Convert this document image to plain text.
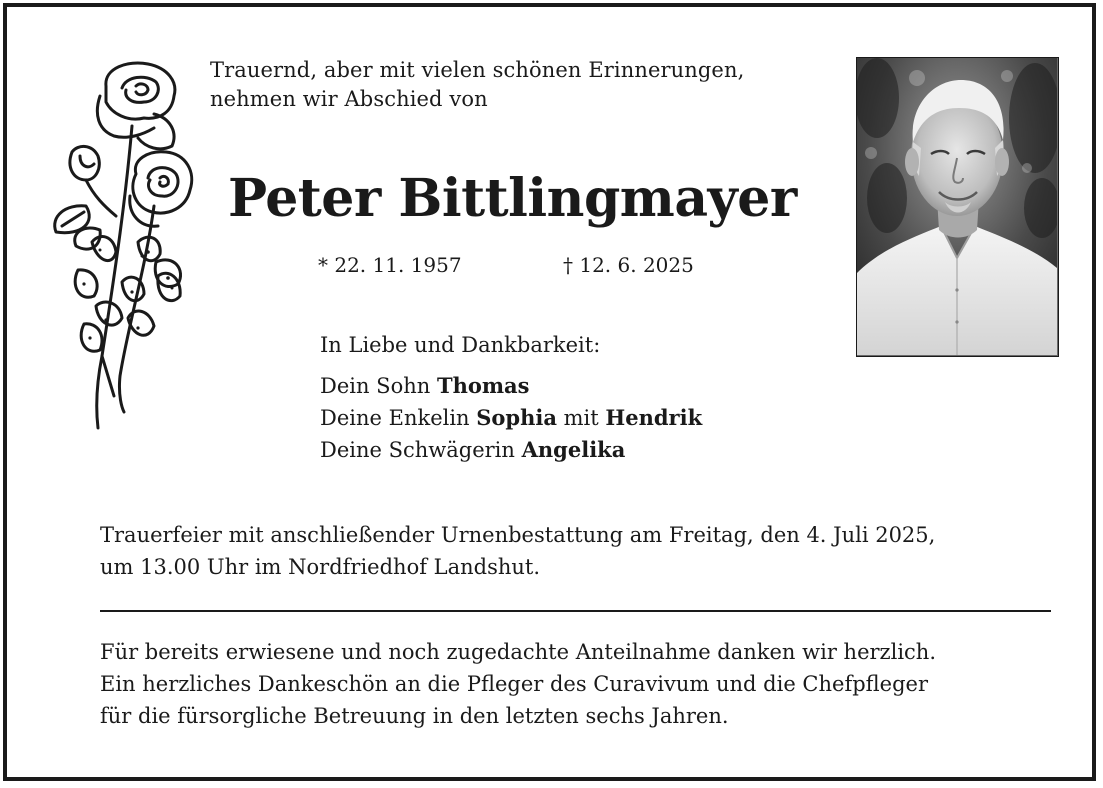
Trauernd, aber mit vielen schönen Erinnerungen,
nehmen wir Abschied von
Peter Bittlingmayer
* 22. 11. 1957	† 12. 6. 2025
In Liebe und Dankbarkeit:
Dein Sohn Thomas
Deine Enkelin Sophia mit Hendrik
Deine Schwägerin Angelika
Trauerfeier mit anschließender Urnenbestattung am Freitag, den 4. Juli 2025,
um 13.00 Uhr im Nordfriedhof Landshut.
Für bereits erwiesene und noch zugedachte Anteilnahme danken wir herzlich.
Ein herzliches Dankeschön an die Pfleger des Curavivum und die Chefpfleger
für die fürsorgliche Betreuung in den letzten sechs Jahren.
